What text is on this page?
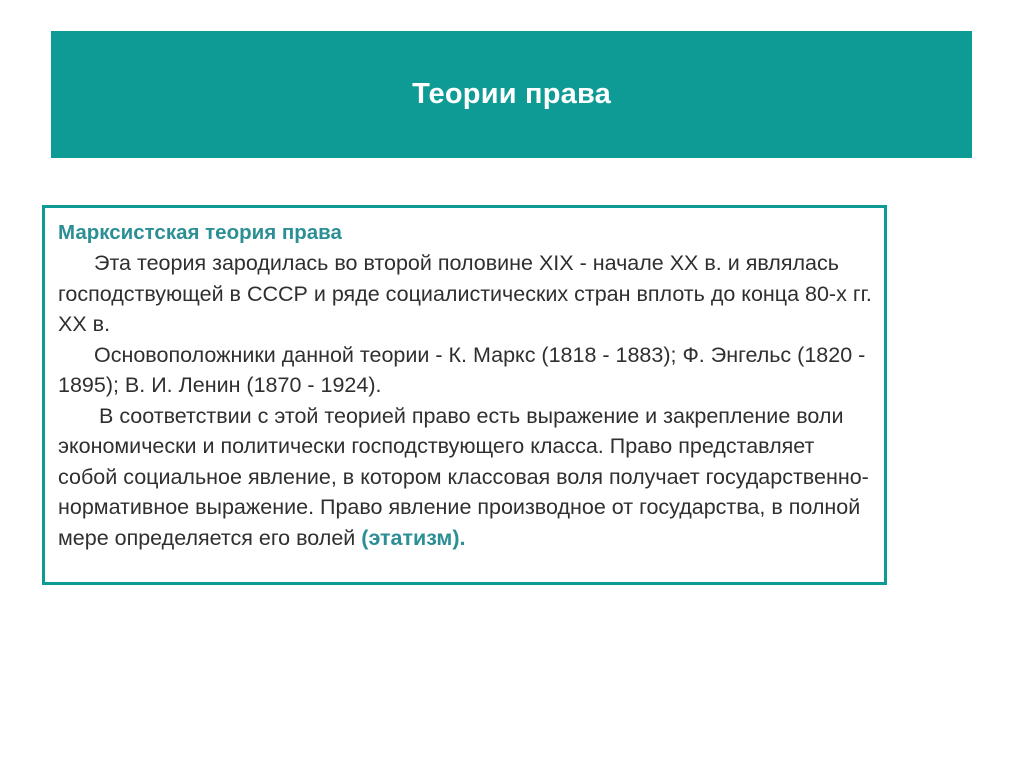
Теории права
Марксистская теория права

Эта теория зародилась во второй половине XIX - начале XX в. и являлась господствующей в СССР и ряде социалистических стран вплоть до конца 80-х гг. XX в.

Основоположники данной теории - К. Маркс (1818 - 1883); Ф. Энгельс (1820 - 1895); В. И. Ленин (1870 - 1924).

В соответствии с этой теорией право есть выражение и закрепление воли экономически и политически господствующего класса. Право представляет собой социальное явление, в котором классовая воля получает государственно-нормативное выражение. Право явление производное от государства, в полной мере определяется его волей (этатизм).
